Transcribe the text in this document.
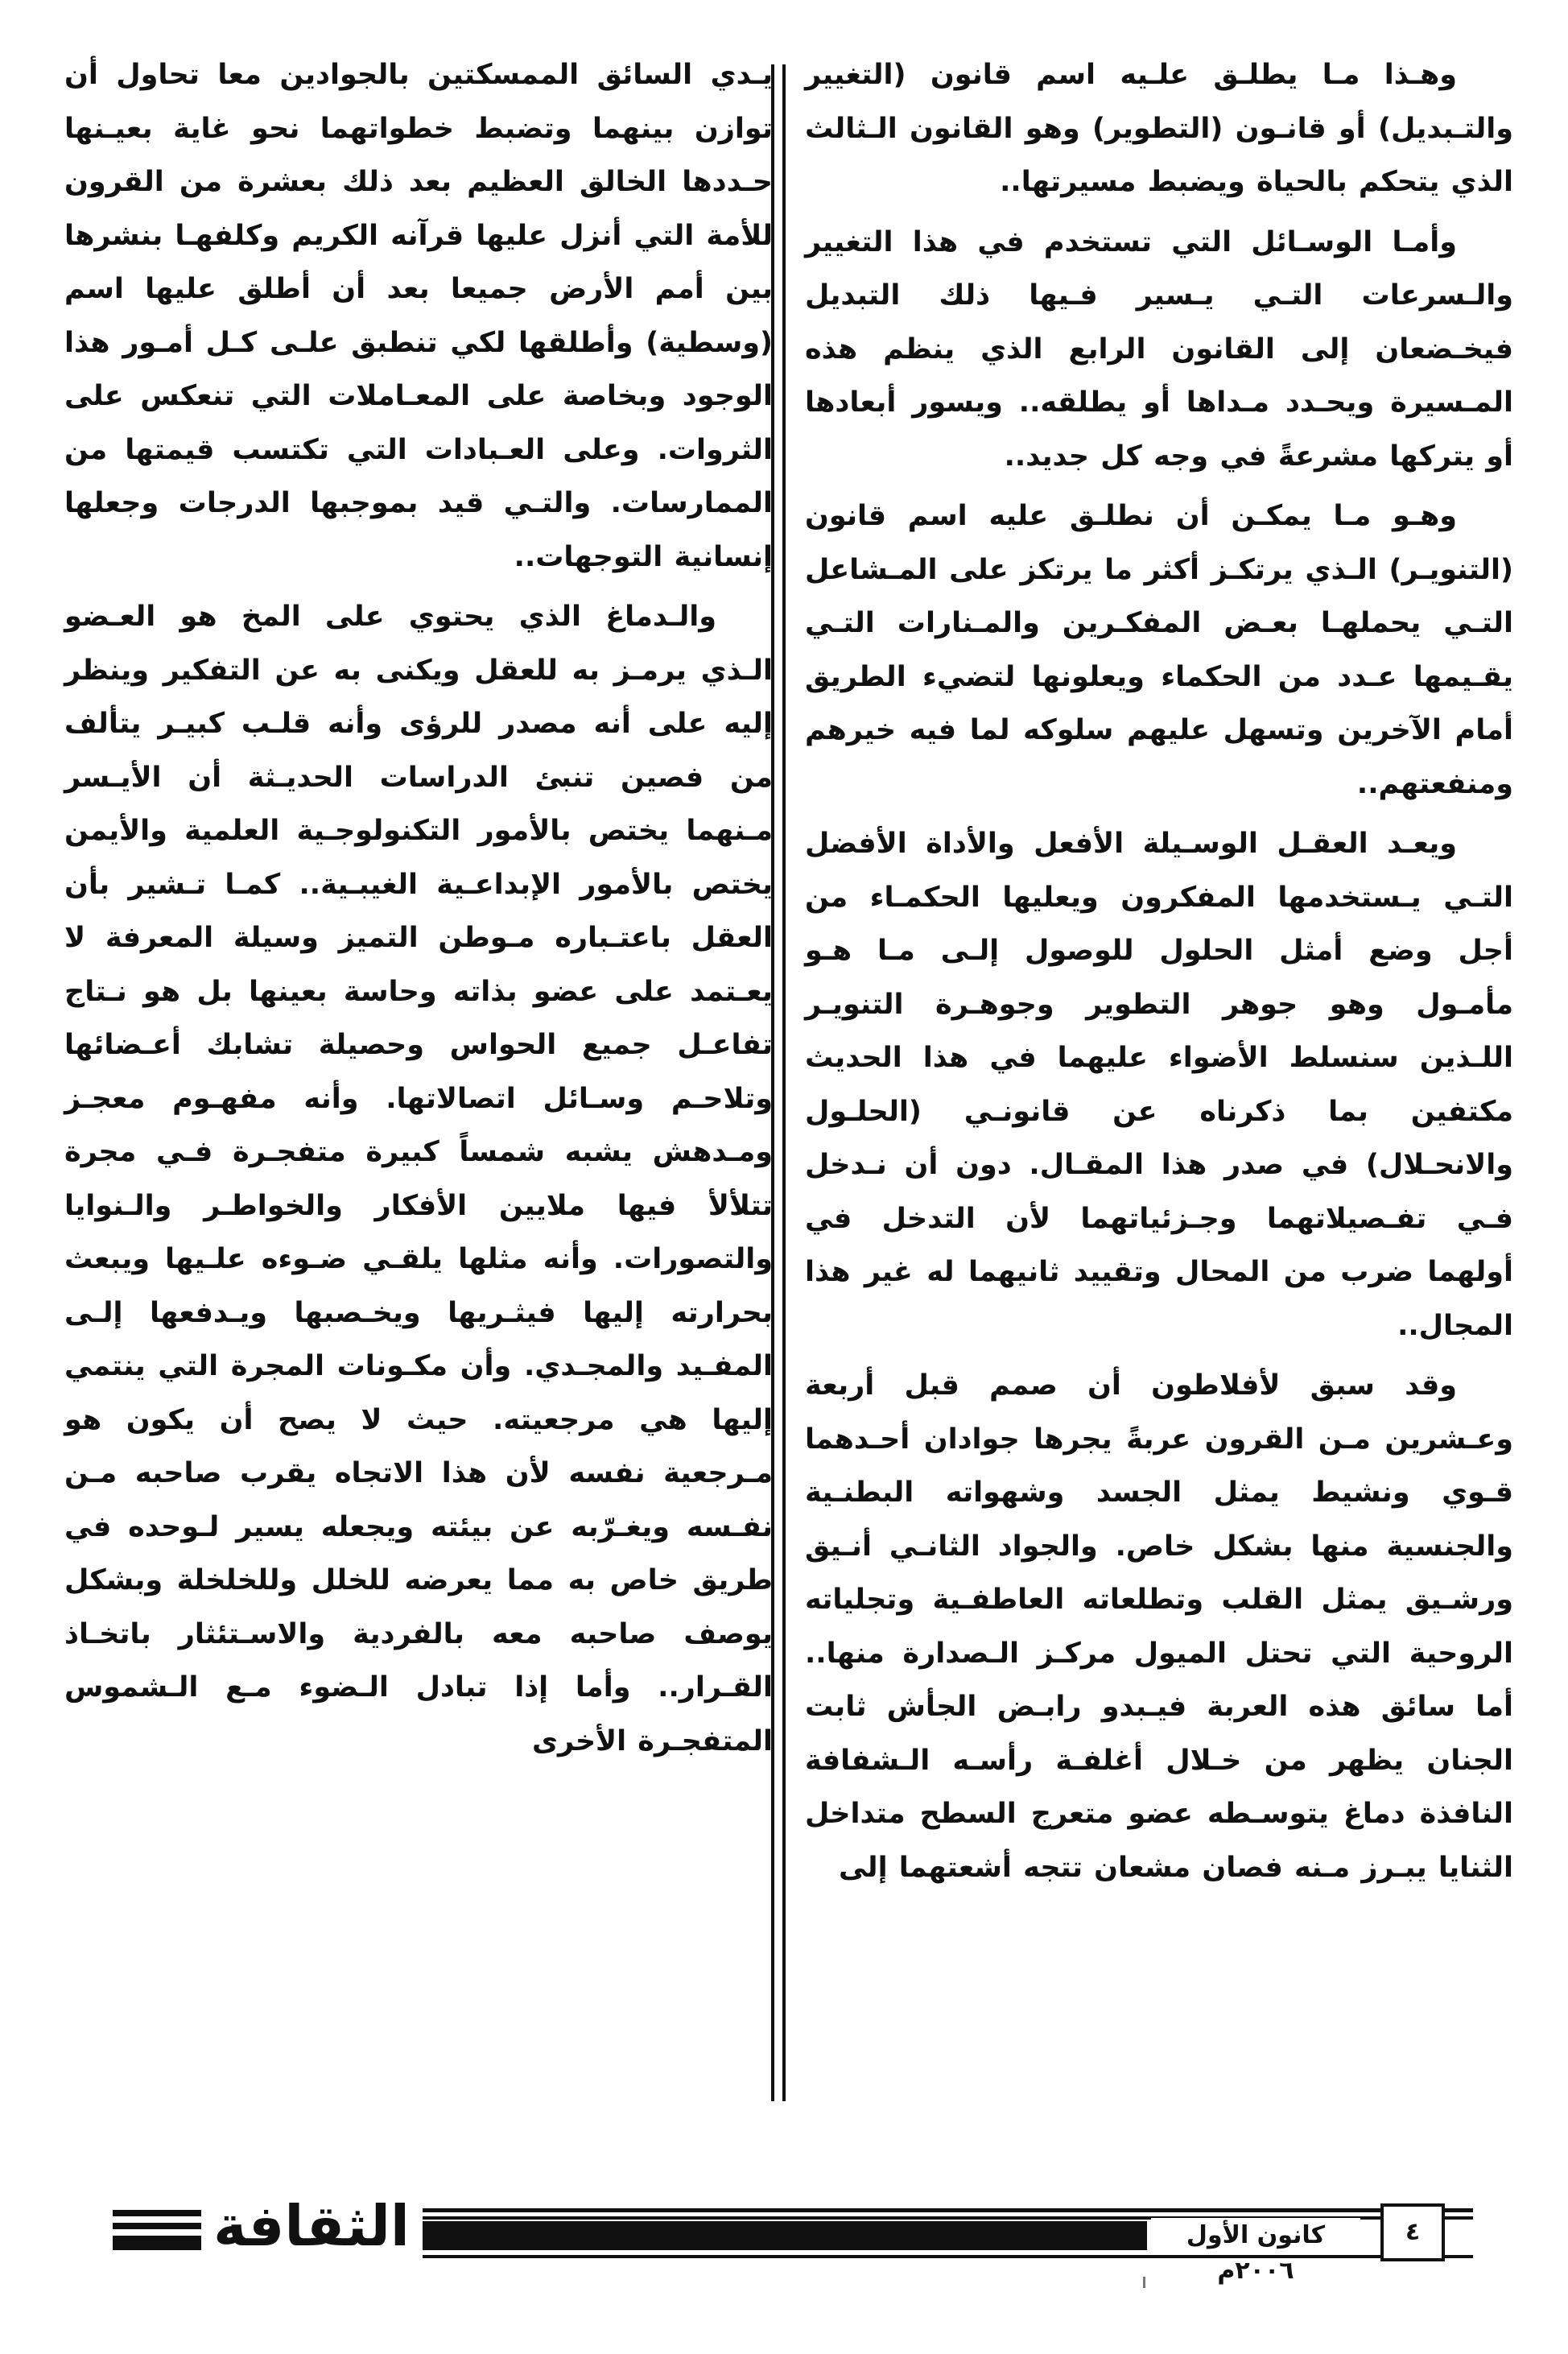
وهـذا مـا يطلـق علـيه اسم قانون (التغيير والتـبديل) أو قانـون (التطوير) وهو القانون الـثالث الذي يتحكم بالحياة ويضبط مسيرتها..

وأمـا الوسـائل التي تستخدم في هذا التغيير والـسرعات التـي يـسير فـيها ذلك التبديل فيخـضعان إلى القانون الرابع الذي ينظم هذه المـسيرة ويحـدد مـداها أو يطلقه.. ويسور أبعادها أو يتركها مشرعةً في وجه كل جديد..

وهـو مـا يمكـن أن نطلـق عليه اسم قانون (التنويـر) الـذي يرتكـز أكثر ما يرتكز على المـشاعل التـي يحملهـا بعـض المفكـرين والمـنارات التـي يقـيمها عـدد من الحكماء ويعلونها لتضيء الطريق أمام الآخرين وتسهل عليهم سلوكه لما فيه خيرهم ومنفعتهم..

ويعـد العقـل الوسـيلة الأفعل والأداة الأفضل التـي يـستخدمها المفكرون ويعليها الحكمـاء من أجل وضع أمثل الحلول للوصول إلـى مـا هـو مأمـول وهو جوهر التطوير وجوهـرة التنويـر اللـذين سنسلط الأضواء عليهما في هذا الحديث مكتفين بما ذكرناه عن قانونـي (الحلـول والانحـلال) في صدر هذا المقـال. دون أن نـدخل فـي تفـصيلاتهما وجـزئياتهما لأن التدخل في أولهما ضرب من المحال وتقييد ثانيهما له غير هذا المجال..

وقد سبق لأفلاطون أن صمم قبل أربعة وعـشرين مـن القرون عربةً يجرها جوادان أحـدهما قـوي ونشيط يمثل الجسد وشهواته البطنـية والجنسية منها بشكل خاص. والجواد الثانـي أنـيق ورشـيق يمثل القلب وتطلعاته العاطفـية وتجلياته الروحية التي تحتل الميول مركـز الـصدارة منها.. أما سائق هذه العربة فيـبدو رابـض الجأش ثابت الجنان يظهر من خـلال أغلفـة رأسـه الـشفافة النافذة دماغ يتوسـطه عضو متعرج السطح متداخل الثنايا يبـرز مـنه فصان مشعان تتجه أشعتهما إلى

يـدي السائق الممسكتين بالجوادين معا تحاول أن توازن بينهما وتضبط خطواتهما نحو غاية بعيـنها حـددها الخالق العظيم بعد ذلك بعشرة من القرون للأمة التي أنزل عليها قرآنه الكريم وكلفهـا بنشرها بين أمم الأرض جميعا بعد أن أطلق عليها اسم (وسطية) وأطلقها لكي تنطبق علـى كـل أمـور هذا الوجود وبخاصة على المعـاملات التي تنعكس على الثروات. وعلى العـبادات التي تكتسب قيمتها من الممارسات. والتـي قيد بموجبها الدرجات وجعلها إنسانية التوجهات..

والـدماغ الذي يحتوي على المخ هو العـضو الـذي يرمـز به للعقل ويكنى به عن التفكير وينظر إليه على أنه مصدر للرؤى وأنه قلـب كبيـر يتألف من فصين تنبئ الدراسات الحديـثة أن الأيـسر مـنهما يختص بالأمور التكنولوجـية العلمية والأيمن يختص بالأمور الإبداعـية الغيبـية.. كمـا تـشير بأن العقل باعتـباره مـوطن التميز وسيلة المعرفة لا يعـتمد على عضو بذاته وحاسة بعينها بل هو نـتاج تفاعـل جميع الحواس وحصيلة تشابك أعـضائها وتلاحـم وسـائل اتصالاتها. وأنه مفهـوم معجـز ومـدهش يشبه شمساً كبيرة متفجـرة فـي مجرة تتلألأ فيها ملايين الأفكار والخواطـر والـنوايا والتصورات. وأنه مثلها يلقـي ضـوءه علـيها ويبعث بحرارته إليها فيثـريها ويخـصبها ويـدفعها إلـى المفـيد والمجـدي. وأن مكـونات المجرة التي ينتمي إليها هي مرجعيته. حيث لا يصح أن يكون هو مـرجعية نفسه لأن هذا الاتجاه يقرب صاحبه مـن نفـسه ويغـرّبه عن بيئته ويجعله يسير لـوحده في طريق خاص به مما يعرضه للخلل وللخلخلة وبشكل يوصف صاحبه معه بالفردية والاسـتئثار باتخـاذ القـرار.. وأما إذا تبادل الـضوء مـع الـشموس المتفجـرة الأخرى

الثقافة	كانون الأول ٢٠٠٦م
٤
